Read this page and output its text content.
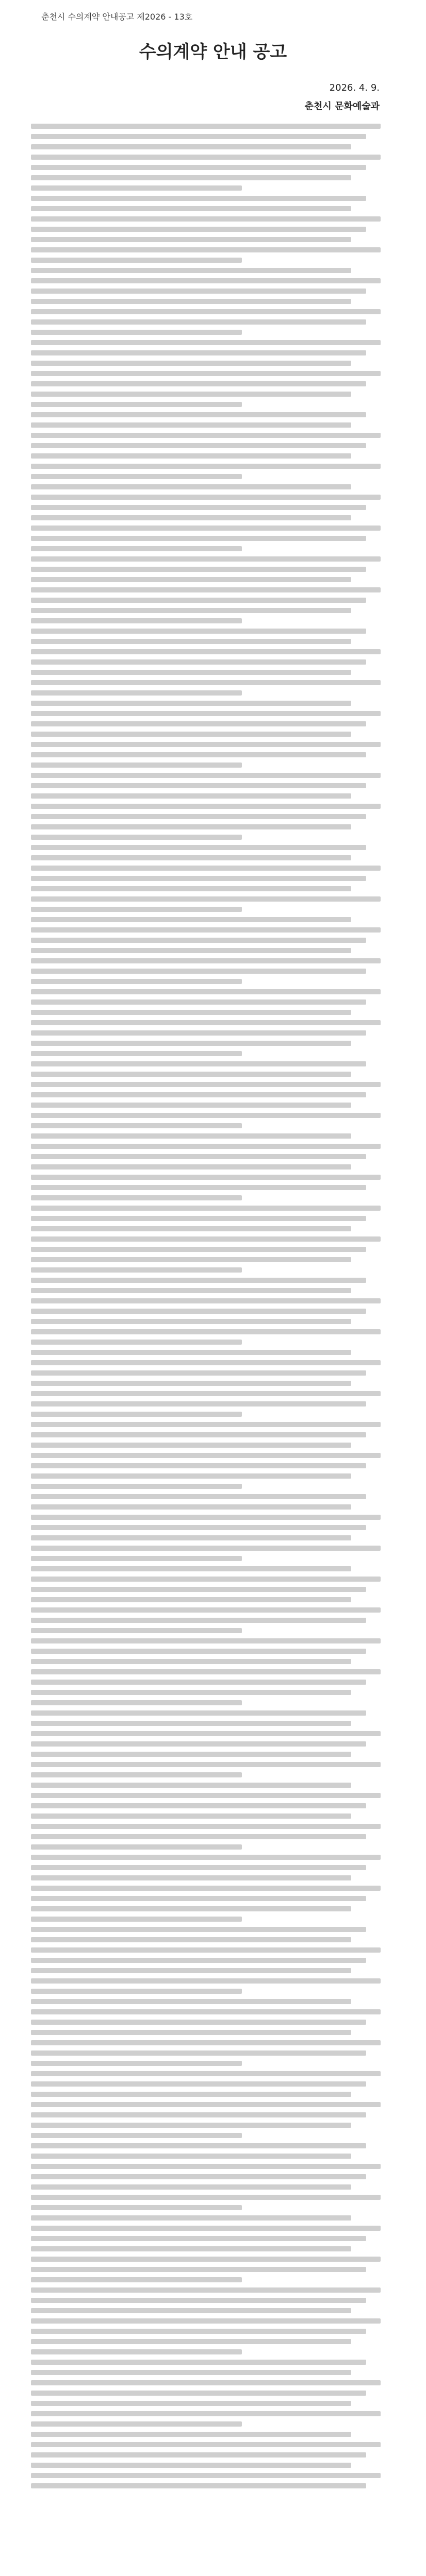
춘천시 수의계약 안내공고 제2026 - 13호
수의계약 안내 공고
2026. 4. 9.
춘천시 문화예술과
